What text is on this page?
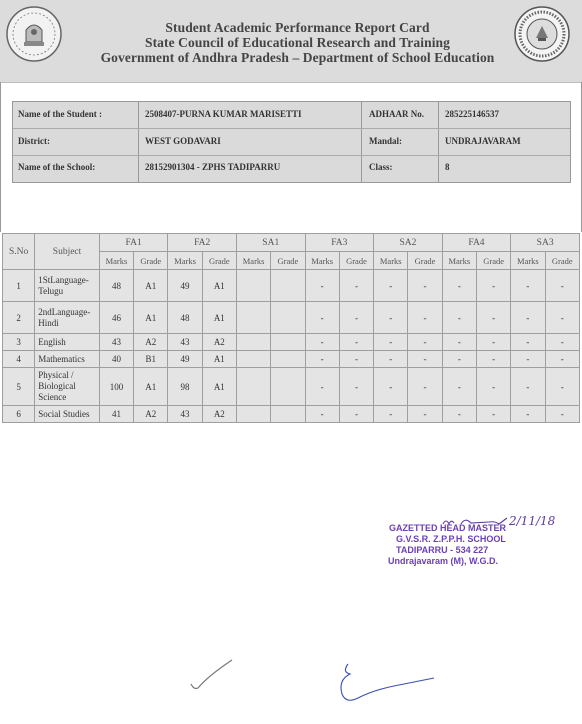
Student Academic Performance Report Card
State Council of Educational Research and Training
Government of Andhra Pradesh – Department of School Education
Name of the Student :	2508407-PURNA KUMAR MARISETTI	ADHAAR No. 285225146537
District:	WEST GODAVARI	Mandal:	UNDRAJAVARAM
Name of the School:	28152901304 - ZPHS TADIPARRU	Class:	8
S.No	Subject	FA1		FA2		SA1		FA3		SA2		FA4		SA3	
		Marks	Grade	Marks	Grade	Marks	Grade	Marks	Grade	Marks	Grade	Marks	Grade	Marks	Grade
1	1StLanguage-
Telugu	48	A1	49	A1			-	-	-	-	-	-	-	-
2	2ndLanguage-
Hindi	46	A1	48	A1			-	-	-	-	-	-	-	-
3	English	43	A2	43	A2			-	-	-	-	-	-	-	-
4	Mathematics	40	B1	49	A1			-	-	-	-	-	-	-	-
5	Physical /
Biological
Science	100	A1	98	A1			-	-	-	-	-	-	-	-
6	Social Studies	41	A2	43	A2			-	-	-	-	-	-	-	-
2/11/18
GAZETTED HEAD MASTER
G.V.S.R. Z.P.P.H. SCHOOL
TADIPARRU - 534 227
Undrajavaram (M), W.G.D.
